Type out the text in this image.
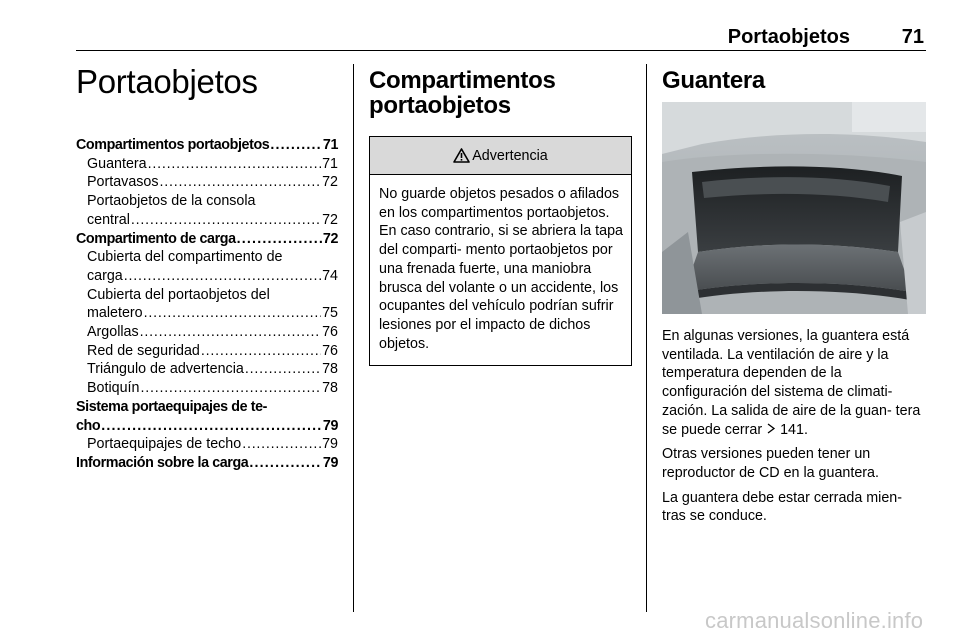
Portaobjetos	71
Portaobjetos
Compartimentos portaobjetos . . .	71
Guantera . . .	71
Portavasos . . .	72
Portaobjetos de la consola
central . . .	72
Compartimento de carga . . .	72
Cubierta del compartimento de
carga . . .	74
Cubierta del portaobjetos del
maletero . . .	75
Argollas . . .	76
Red de seguridad . . .	76
Triángulo de advertencia . . .	78
Botiquín . . .	78
Sistema portaequipajes de te-
cho . . .	79
Portaequipajes de techo . . .	79
Información sobre la carga . . .	79
Compartimentos
portaobjetos
Advertencia
No guarde objetos pesados o afilados en los compartimentos portaobjetos. En caso contrario, si se abriera la tapa del comparti- mento portaobjetos por una frenada fuerte, una maniobra brusca del volante o un accidente, los ocupantes del vehículo podrían sufrir lesiones por el impacto de dichos objetos.
Guantera
En algunas versiones, la guantera está ventilada. La ventilación de aire y la temperatura dependen de la configuración del sistema de climati- zación. La salida de aire de la guan- tera se puede cerrar 141.
Otras versiones pueden tener un reproductor de CD en la guantera.
La guantera debe estar cerrada mien- tras se conduce.
carmanualsonline.info
